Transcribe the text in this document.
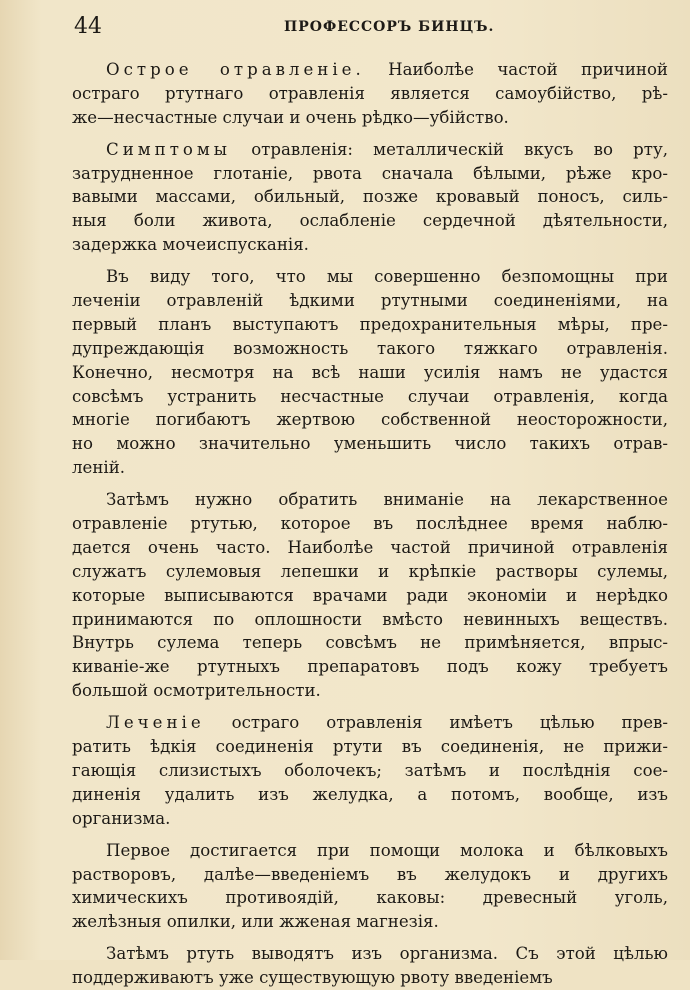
44	ПРОФЕССОРЪ БИНЦЪ.
Острое отравленіе. Наиболѣе частой причиной
остраго ртутнаго отравленія является самоубійство, рѣ-
же—несчастные случаи и очень рѣдко—убійство.
Симптомы отравленія: металлическій вкусъ во рту,
затрудненное глотаніе, рвота сначала бѣлыми, рѣже кро-
вавыми массами, обильный, позже кровавый поносъ, силь-
ныя боли живота, ослабленіе сердечной дѣятельности,
задержка мочеиспусканія.
Въ виду того, что мы совершенно безпомощны при
леченіи отравленій ѣдкими ртутными соединеніями, на
первый планъ выступаютъ предохранительныя мѣры, пре-
дупреждающія возможность такого тяжкаго отравленія.
Конечно, несмотря на всѣ наши усилія намъ не удастся
совсѣмъ устранить несчастные случаи отравленія, когда
многіе погибаютъ жертвою собственной неосторожности,
но можно значительно уменьшить число такихъ отрав-
леній.
Затѣмъ нужно обратить вниманіе на лекарственное
отравленіе ртутью, которое въ послѣднее время наблю-
дается очень часто. Наиболѣе частой причиной отравленія
служатъ сулемовыя лепешки и крѣпкіе растворы сулемы,
которые выписываются врачами ради экономіи и нерѣдко
принимаются по оплошности вмѣсто невинныхъ веществъ.
Внутрь сулема теперь совсѣмъ не примѣняется, впрыс-
киваніе-же ртутныхъ препаратовъ подъ кожу требуетъ
большой осмотрительности.
Леченіе остраго отравленія имѣетъ цѣлью прев-
ратить ѣдкія соединенія ртути въ соединенія, не прижи-
гающія слизистыхъ оболочекъ; затѣмъ и послѣднія сое-
диненія удалить изъ желудка, а потомъ, вообще, изъ
организма.
Первое достигается при помощи молока и бѣлковыхъ
растворовъ, далѣе—введеніемъ въ желудокъ и другихъ
химическихъ противоядій, каковы: древесный уголь,
желѣзныя опилки, или жженая магнезія.
Затѣмъ ртуть выводятъ изъ организма. Съ этой цѣлью
поддерживаютъ уже существующую рвоту введеніемъ
